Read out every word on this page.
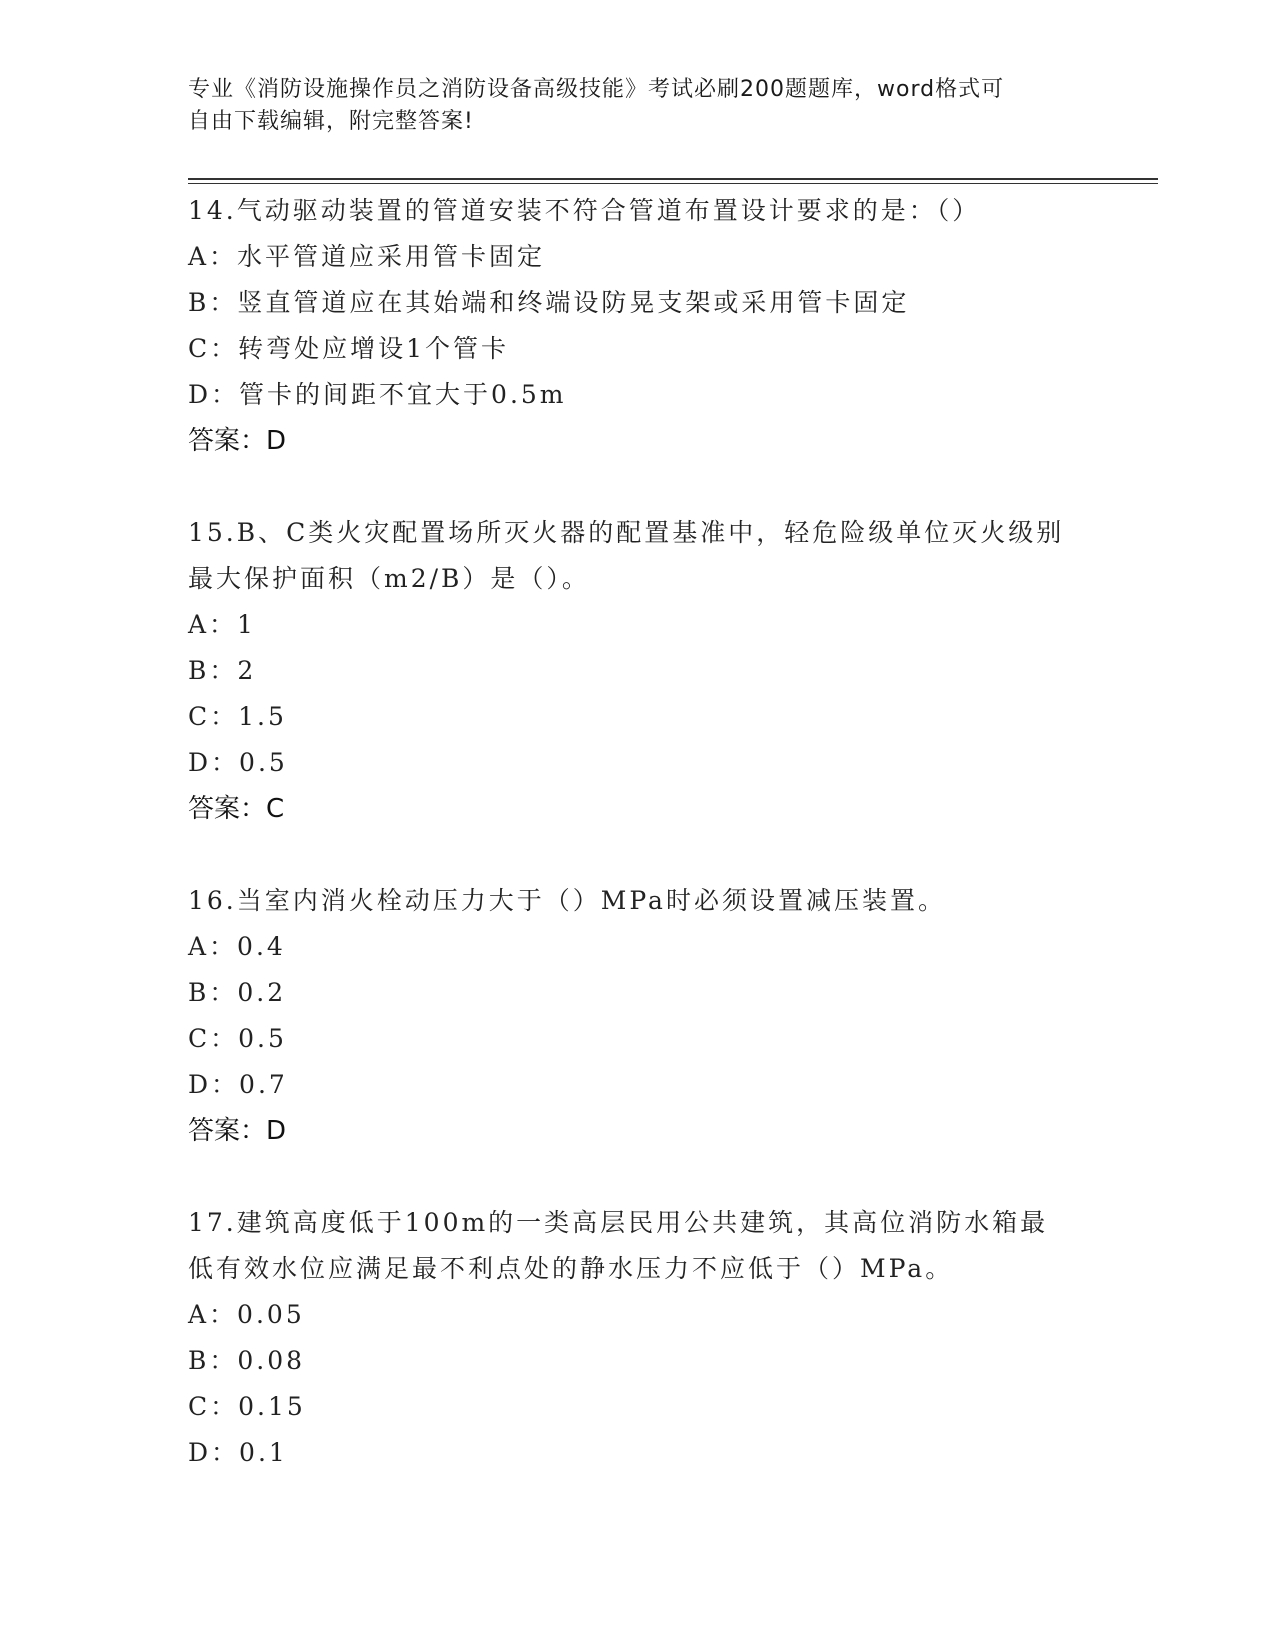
专业《消防设施操作员之消防设备高级技能》考试必刷200题题库，word格式可
自由下载编辑，附完整答案!
14.气动驱动装置的管道安装不符合管道布置设计要求的是：（）
A：水平管道应采用管卡固定
B：竖直管道应在其始端和终端设防晃支架或采用管卡固定
C：转弯处应增设1个管卡
D：管卡的间距不宜大于0.5m
答案：D
15.B、C类火灾配置场所灭火器的配置基准中，轻危险级单位灭火级别
最大保护面积（m2/B）是（）。
A：1
B：2
C：1.5
D：0.5
答案：C
16.当室内消火栓动压力大于（）MPa时必须设置减压装置。
A：0.4
B：0.2
C：0.5
D：0.7
答案：D
17.建筑高度低于100m的一类高层民用公共建筑，其高位消防水箱最
低有效水位应满足最不利点处的静水压力不应低于（）MPa。
A：0.05
B：0.08
C：0.15
D：0.1
